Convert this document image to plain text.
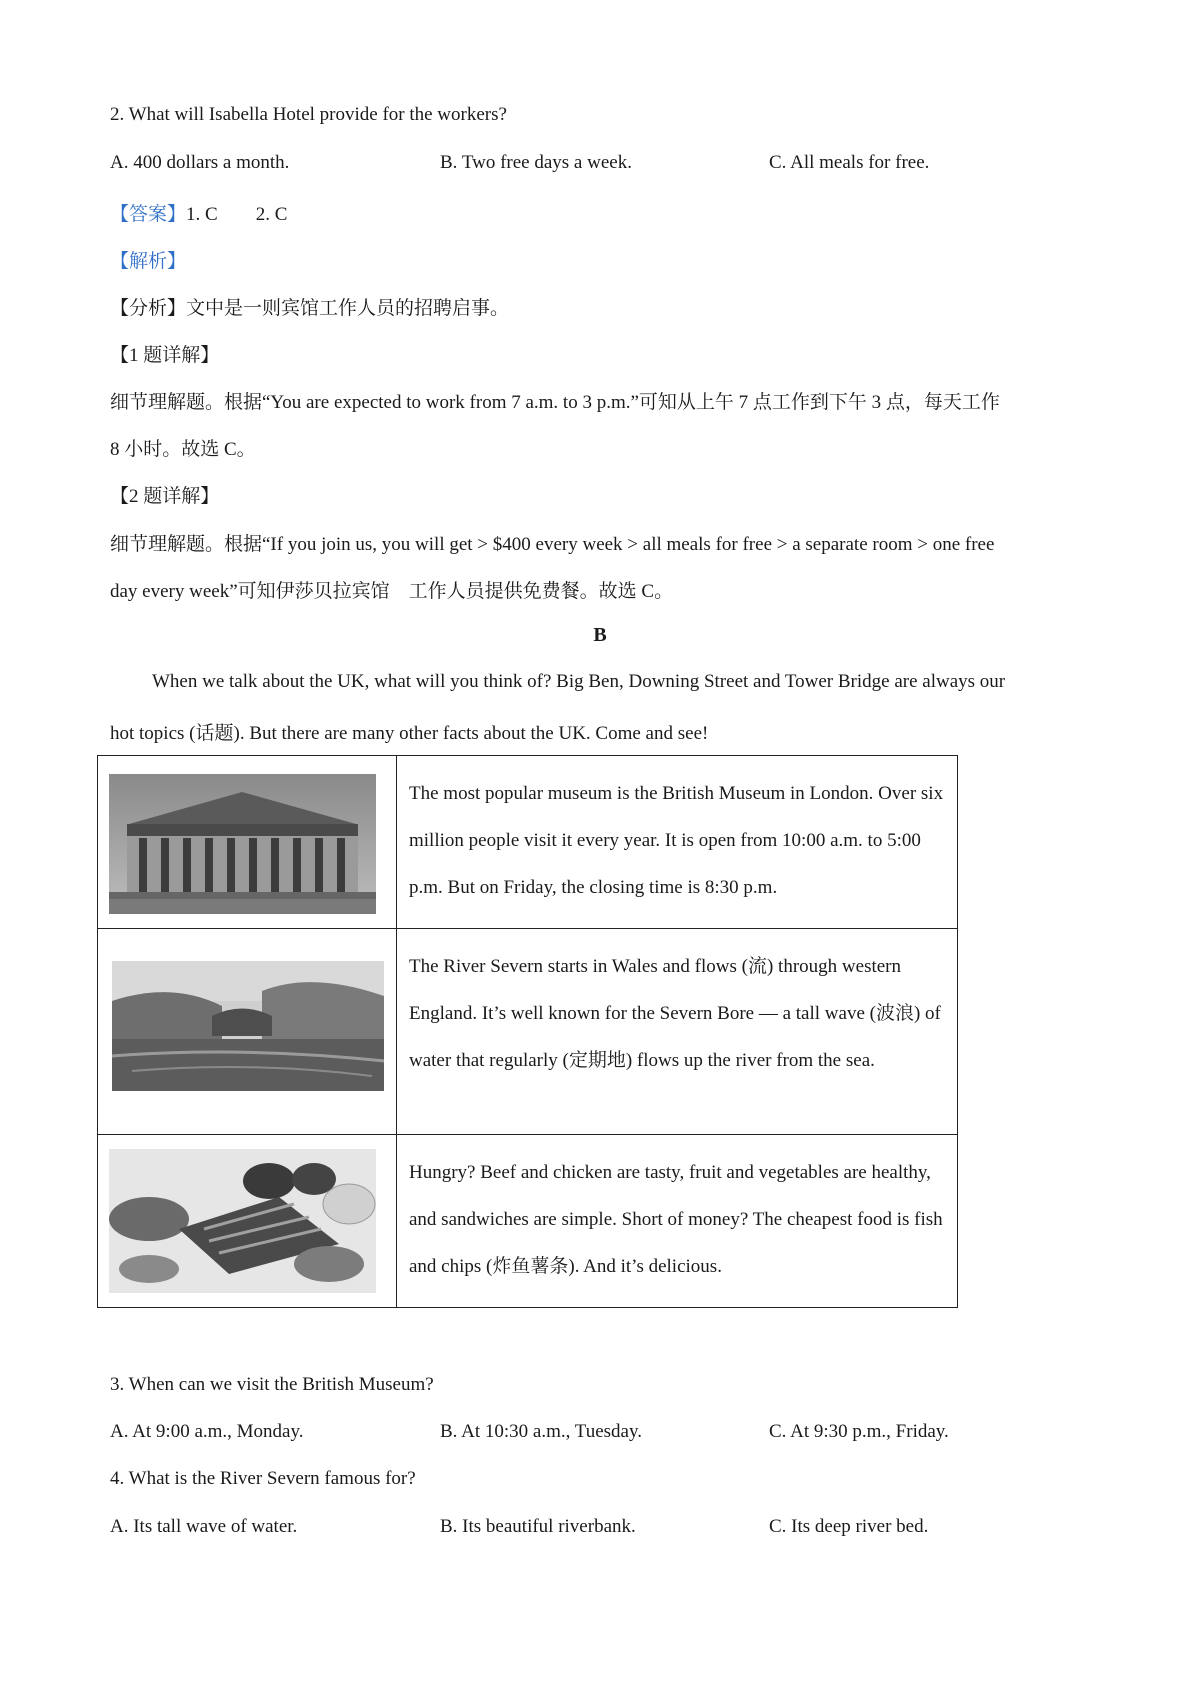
2. What will Isabella Hotel provide for the workers?
A. 400 dollars a month.	B. Two free days a week.	C. All meals for free.
【答案】1. C　　2. C
【解析】
【分析】文中是一则宾馆工作人员的招聘启事。
【1 题详解】
细节理解题。根据“You are expected to work from 7 a.m. to 3 p.m.”可知从上午 7 点工作到下午 3 点，每天工作
8 小时。故选 C。
【2 题详解】
细节理解题。根据“If you join us, you will get > $400 every week > all meals for free > a separate room > one free
day every week”可知伊莎贝拉宾馆　工作人员提供免费餐。故选 C。
B
When we talk about the UK, what will you think of? Big Ben, Downing Street and Tower Bridge are always our
hot topics (话题). But there are many other facts about the UK. Come and see!
	The most popular museum is the British Museum in London. Over six million people visit it every year. It is open from 10:00 a.m. to 5:00 p.m. But on Friday, the closing time is 8:30 p.m.

	The River Severn starts in Wales and flows (流) through western England. It’s well known for the Severn Bore — a tall wave (波浪) of water that regularly (定期地) flows up the river from the sea.

	Hungry? Beef and chicken are tasty, fruit and vegetables are healthy, and sandwiches are simple. Short of money? The cheapest food is fish and chips (炸鱼薯条). And it’s delicious.
3. When can we visit the British Museum?
A. At 9:00 a.m., Monday.	B. At 10:30 a.m., Tuesday.	C. At 9:30 p.m., Friday.
4. What is the River Severn famous for?
A. Its tall wave of water.	B. Its beautiful riverbank.	C. Its deep river bed.
